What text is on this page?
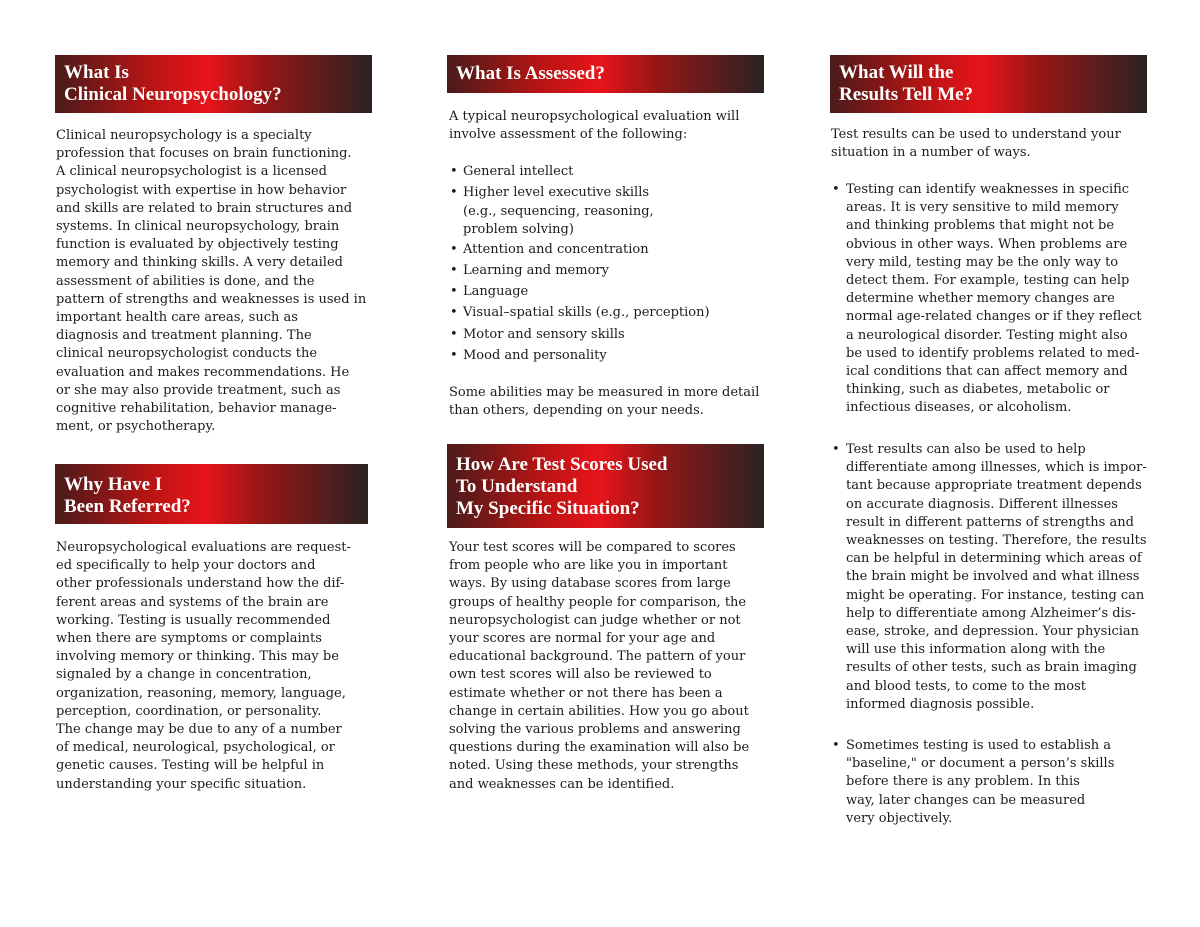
What Is
Clinical Neuropsychology?

Clinical neuropsychology is a specialty
profession that focuses on brain functioning.
A clinical neuropsychologist is a licensed
psychologist with expertise in how behavior
and skills are related to brain structures and
systems. In clinical neuropsychology, brain
function is evaluated by objectively testing
memory and thinking skills. A very detailed
assessment of abilities is done, and the
pattern of strengths and weaknesses is used in
important health care areas, such as
diagnosis and treatment planning. The
clinical neuropsychologist conducts the
evaluation and makes recommendations. He
or she may also provide treatment, such as
cognitive rehabilitation, behavior manage-
ment, or psychotherapy.

Why Have I
Been Referred?

Neuropsychological evaluations are request-
ed specifically to help your doctors and
other professionals understand how the dif-
ferent areas and systems of the brain are
working. Testing is usually recommended
when there are symptoms or complaints
involving memory or thinking. This may be
signaled by a change in concentration,
organization, reasoning, memory, language,
perception, coordination, or personality.
The change may be due to any of a number
of medical, neurological, psychological, or
genetic causes. Testing will be helpful in
understanding your specific situation.

What Is Assessed?

A typical neuropsychological evaluation will
involve assessment of the following:

• General intellect
• Higher level executive skills
(e.g., sequencing, reasoning,
problem solving)
• Attention and concentration
• Learning and memory
• Language
• Visual–spatial skills (e.g., perception)
• Motor and sensory skills
• Mood and personality

Some abilities may be measured in more detail
than others, depending on your needs.

How Are Test Scores Used
To Understand
My Specific Situation?

Your test scores will be compared to scores
from people who are like you in important
ways. By using database scores from large
groups of healthy people for comparison, the
neuropsychologist can judge whether or not
your scores are normal for your age and
educational background. The pattern of your
own test scores will also be reviewed to
estimate whether or not there has been a
change in certain abilities. How you go about
solving the various problems and answering
questions during the examination will also be
noted. Using these methods, your strengths
and weaknesses can be identified.

What Will the
Results Tell Me?

Test results can be used to understand your
situation in a number of ways.

• Testing can identify weaknesses in specific
areas. It is very sensitive to mild memory
and thinking problems that might not be
obvious in other ways. When problems are
very mild, testing may be the only way to
detect them. For example, testing can help
determine whether memory changes are
normal age-related changes or if they reflect
a neurological disorder. Testing might also
be used to identify problems related to med-
ical conditions that can affect memory and
thinking, such as diabetes, metabolic or
infectious diseases, or alcoholism.
• Test results can also be used to help
differentiate among illnesses, which is impor-
tant because appropriate treatment depends
on accurate diagnosis. Different illnesses
result in different patterns of strengths and
weaknesses on testing. Therefore, the results
can be helpful in determining which areas of
the brain might be involved and what illness
might be operating. For instance, testing can
help to differentiate among Alzheimer’s dis-
ease, stroke, and depression. Your physician
will use this information along with the
results of other tests, such as brain imaging
and blood tests, to come to the most
informed diagnosis possible.
• Sometimes testing is used to establish a
"baseline," or document a person’s skills
before there is any problem. In this
way, later changes can be measured
very objectively.
